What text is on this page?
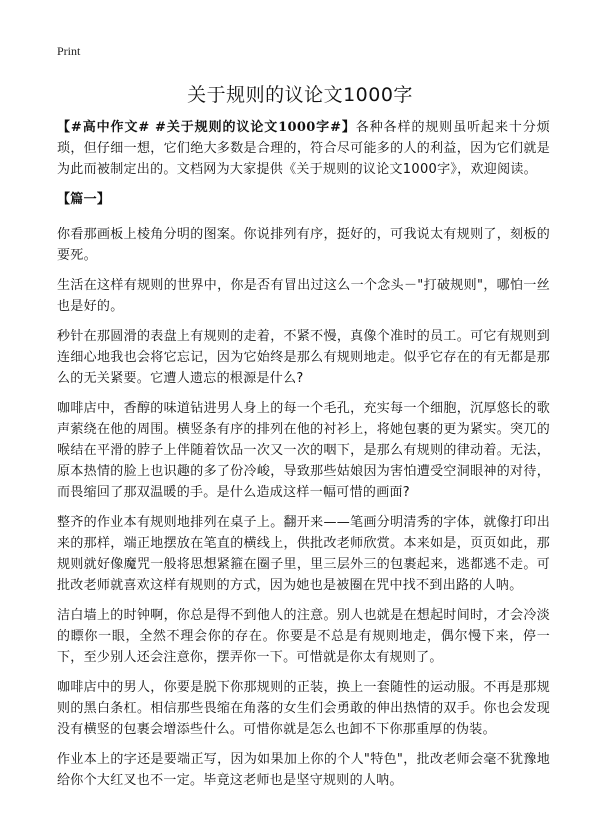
Print
关于规则的议论文1000字

【#高中作文# #关于规则的议论文1000字#】各种各样的规则虽听起来十分烦琐，但仔细一想，它们绝大多数是合理的，符合尽可能多的人的利益，因为它们就是为此而被制定出的。文档网为大家提供《关于规则的议论文1000字》，欢迎阅读。

【篇一】

你看那画板上棱角分明的图案。你说排列有序，挺好的，可我说太有规则了，刻板的要死。

生活在这样有规则的世界中，你是否有冒出过这么一个念头－"打破规则"，哪怕一丝也是好的。

秒针在那圆滑的表盘上有规则的走着，不紧不慢，真像个准时的员工。可它有规则到连细心地我也会将它忘记，因为它始终是那么有规则地走。似乎它存在的有无都是那么的无关紧要。它遭人遗忘的根源是什么?

咖啡店中，香醇的味道钻进男人身上的每一个毛孔，充实每一个细胞，沉厚悠长的歌声萦绕在他的周围。横竖条有序的排列在他的衬衫上，将她包裹的更为紧实。突兀的喉结在平滑的脖子上伴随着饮品一次又一次的咽下，是那么有规则的律动着。无法，原本热情的脸上也识趣的多了份冷峻，导致那些姑娘因为害怕遭受空洞眼神的对待，而畏缩回了那双温暖的手。是什么造成这样一幅可惜的画面?

整齐的作业本有规则地排列在桌子上。翻开来——笔画分明清秀的字体，就像打印出来的那样，端正地摆放在笔直的横线上，供批改老师欣赏。本来如是，页页如此，那规则就好像魔咒一般将思想紧箍在圈子里，里三层外三的包裹起来，逃都逃不走。可批改老师就喜欢这样有规则的方式，因为她也是被圈在咒中找不到出路的人呐。

洁白墙上的时钟啊，你总是得不到他人的注意。别人也就是在想起时间时，才会冷淡的瞟你一眼，全然不理会你的存在。你要是不总是有规则地走，偶尔慢下来，停一下，至少别人还会注意你，摆弄你一下。可惜就是你太有规则了。

咖啡店中的男人，你要是脱下你那规则的正装，换上一套随性的运动服。不再是那规则的黑白条杠。相信那些畏缩在角落的女生们会勇敢的伸出热情的双手。你也会发现没有横竖的包裹会增添些什么。可惜你就是怎么也卸不下你那重厚的伪装。

作业本上的字还是要端正写，因为如果加上你的个人"特色"，批改老师会毫不犹豫地给你个大红叉也不一定。毕竟这老师也是坚守规则的人呐。
